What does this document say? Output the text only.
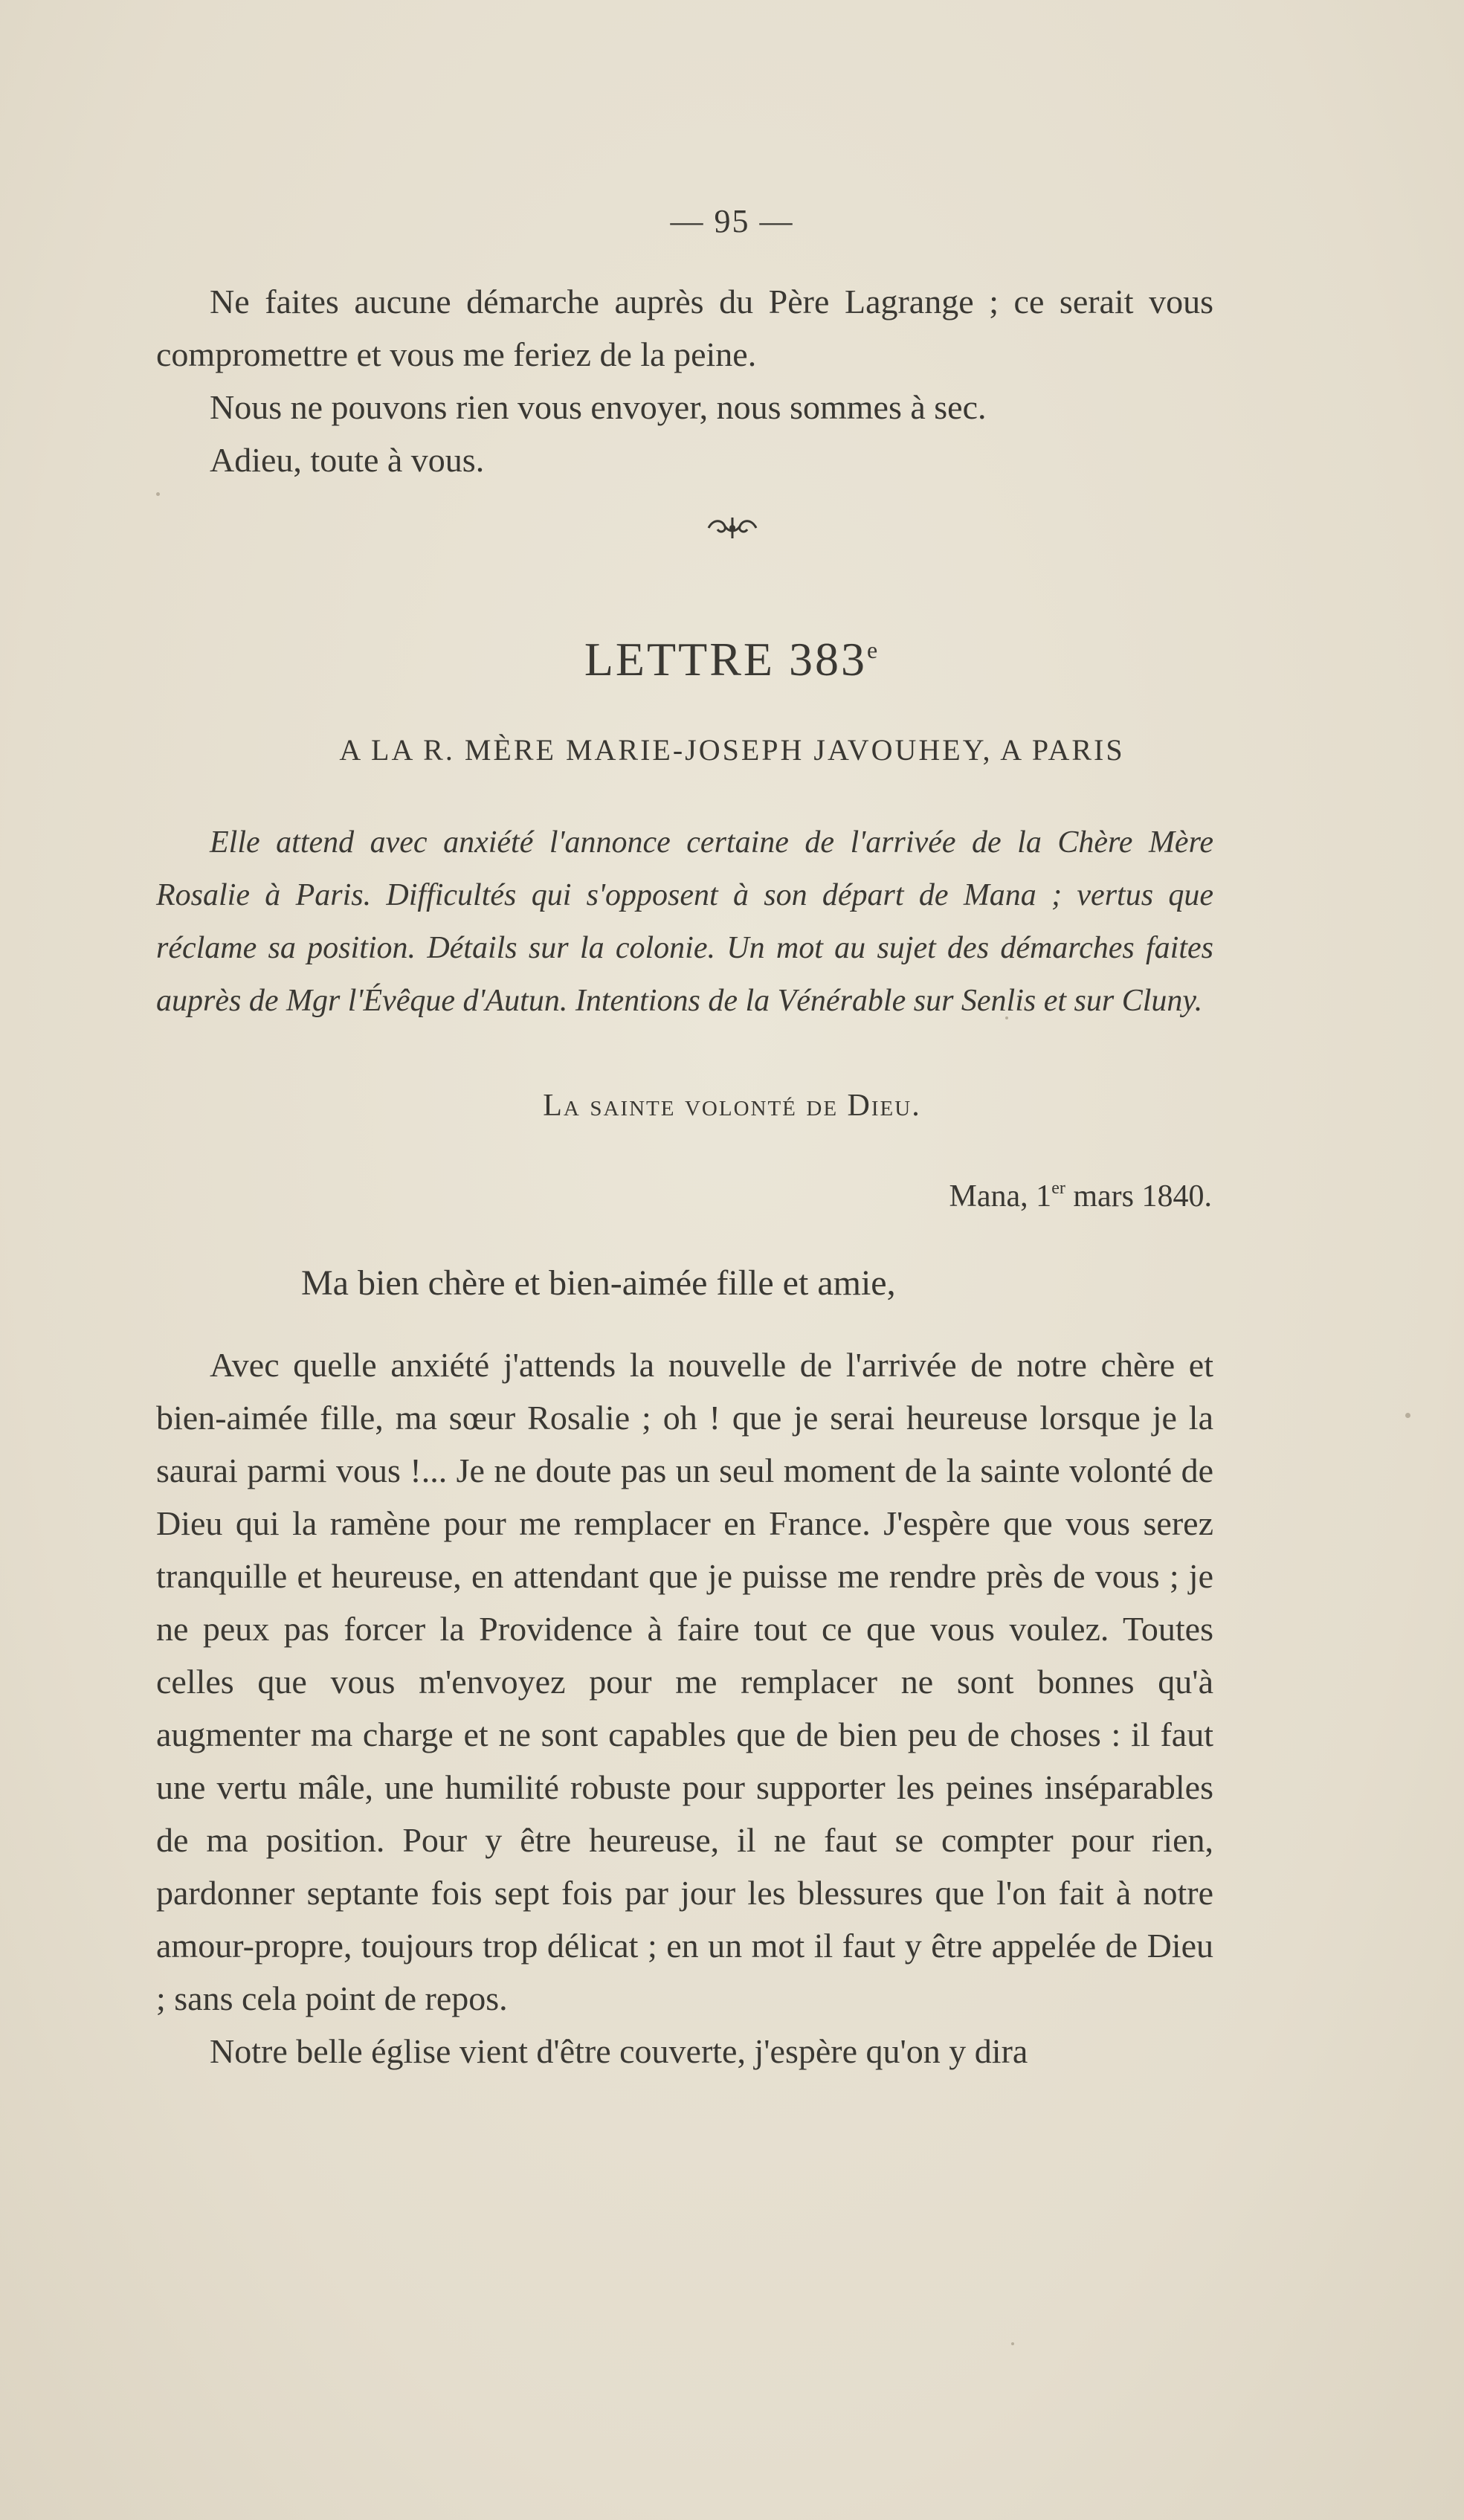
— 95 —

Ne faites aucune démarche auprès du Père Lagrange ; ce serait vous compromettre et vous me feriez de la peine.

Nous ne pouvons rien vous envoyer, nous sommes à sec.

Adieu, toute à vous.

LETTRE 383e
A LA R. MÈRE MARIE-JOSEPH JAVOUHEY, A PARIS

Elle attend avec anxiété l'annonce certaine de l'arrivée de la Chère Mère Rosalie à Paris. Difficultés qui s'opposent à son départ de Mana ; vertus que réclame sa position. Détails sur la colonie. Un mot au sujet des démarches faites auprès de Mgr l'Évêque d'Autun. Intentions de la Vénérable sur Senlis et sur Cluny.

La sainte volonté de Dieu.
Mana, 1er mars 1840.
Ma bien chère et bien-aimée fille et amie,

Avec quelle anxiété j'attends la nouvelle de l'arrivée de notre chère et bien-aimée fille, ma sœur Rosalie ; oh ! que je serai heureuse lorsque je la saurai parmi vous !... Je ne doute pas un seul moment de la sainte volonté de Dieu qui la ramène pour me remplacer en France. J'espère que vous serez tranquille et heureuse, en attendant que je puisse me rendre près de vous ; je ne peux pas forcer la Providence à faire tout ce que vous voulez. Toutes celles que vous m'envoyez pour me remplacer ne sont bonnes qu'à augmenter ma charge et ne sont capables que de bien peu de choses : il faut une vertu mâle, une humilité robuste pour supporter les peines inséparables de ma position. Pour y être heureuse, il ne faut se compter pour rien, pardonner septante fois sept fois par jour les blessures que l'on fait à notre amour-propre, toujours trop délicat ; en un mot il faut y être appelée de Dieu ; sans cela point de repos.

Notre belle église vient d'être couverte, j'espère qu'on y dira
